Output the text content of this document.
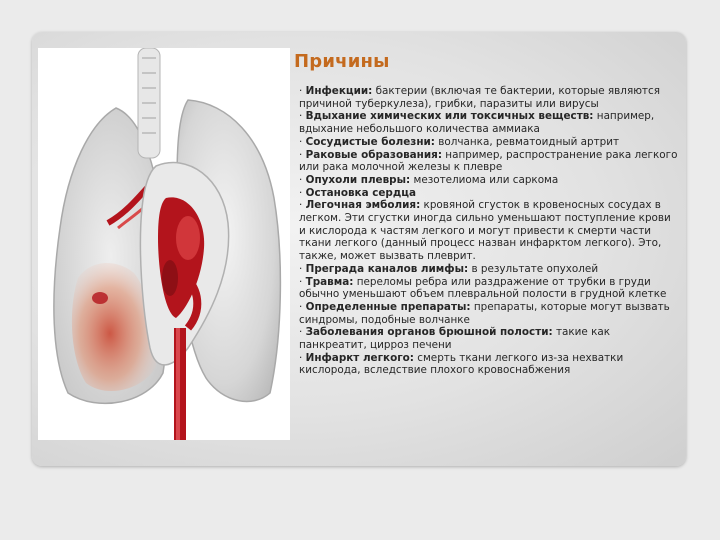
Причины
· Инфекции: бактерии (включая те бактерии, которые являются причиной туберкулеза), грибки, паразиты или вирусы
· Вдыхание химических или токсичных веществ: например, вдыхание небольшого количества аммиака
· Сосудистые болезни: волчанка, ревматоидный артрит
· Раковые образования: например, распространение рака легкого или рака молочной железы к плевре
· Опухоли плевры: мезотелиома или саркома
· Остановка сердца
· Легочная эмболия: кровяной сгусток в кровеносных сосудах в легком. Эти сгустки иногда сильно уменьшают поступление крови и кислорода к частям легкого и могут привести к смерти части ткани легкого (данный процесс назван инфарктом легкого). Это, также, может вызвать плеврит.
· Преграда каналов лимфы: в результате опухолей
· Травма: переломы ребра или раздражение от трубки в груди обычно уменьшают объем плевральной полости в грудной клетке
· Определенные препараты: препараты, которые могут вызвать синдромы, подобные волчанке
· Заболевания органов брюшной полости: такие как панкреатит, цирроз печени
· Инфаркт легкого: смерть ткани легкого из-за нехватки кислорода, вследствие плохого кровоснабжения
